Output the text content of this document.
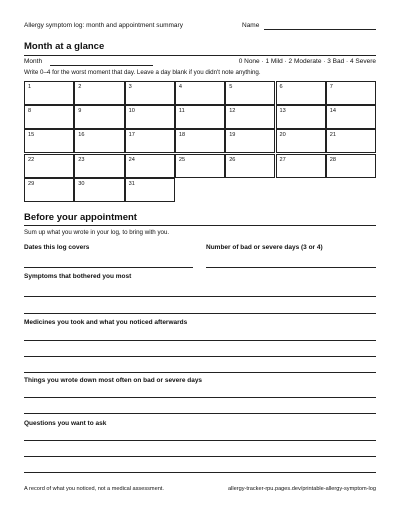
Allergy symptom log: month and appointment summary	Name
Month at a glance
Month	0 None · 1 Mild · 2 Moderate · 3 Bad · 4 Severe
Write 0–4 for the worst moment that day. Leave a day blank if you didn't note anything.
1	2	3	4	5	6	7
8	9	10	11	12	13	14
15	16	17	18	19	20	21
22	23	24	25	26	27	28
29	30	31
Before your appointment
Sum up what you wrote in your log, to bring with you.
Dates this log covers	Number of bad or severe days (3 or 4)
Symptoms that bothered you most
Medicines you took and what you noticed afterwards
Things you wrote down most often on bad or severe days
Questions you want to ask
A record of what you noticed, not a medical assessment.	allergy-tracker-rpu.pages.dev/printable-allergy-symptom-log
